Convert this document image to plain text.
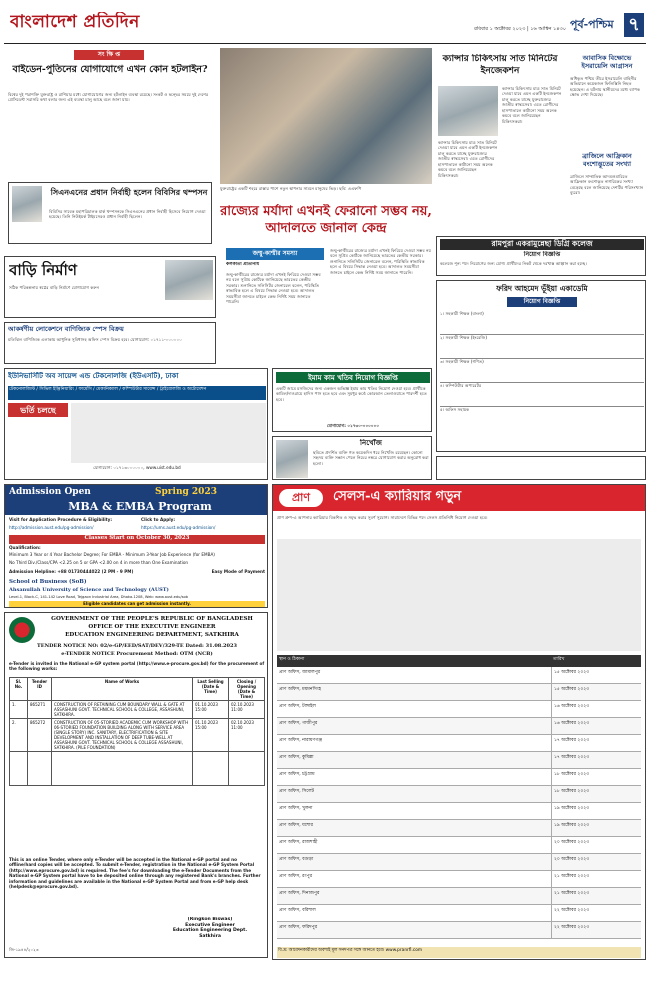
বাংলাদেশ প্রতিদিন	রবিবার ১ অক্টোবর ২০২৩ | ১৬ আশ্বিন ১৪৩০ পূর্ব-পশ্চিম ৭
সং ক্ষি প্ত
বাইডেন-পুতিনের যোগাযোগে এখন কোন হটলাইন?
বিশ্বের দুই পরাশক্তি যুক্তরাষ্ট্র ও রাশিয়ার মধ্যে যোগাযোগের জন্য হটলাইন ব্যবস্থা রয়েছে। সংকট ও দ্বন্দ্বের সময়ে দুই দেশের প্রেসিডেন্ট সরাসরি কথা বলার জন্য এই ব্যবস্থা চালু আছে বলে জানা যায়।
সিএনএনের প্রধান নির্বাহী হলেন বিবিসির থম্পসন
বিবিসির সাবেক মহাপরিচালক মার্ক থম্পসনকে সিএনএনের প্রধান নির্বাহী হিসেবে নিয়োগ দেওয়া হয়েছে। তিনি নিউইয়র্ক টাইমসেরও প্রধান নির্বাহী ছিলেন।
বাড়ি নির্মাণ
সঠিক পরিকল্পনায় স্বপ্নের বাড়ি নির্মাণে যোগাযোগ করুন
আকর্ষণীয় লোকেশনে বাণিজ্যিক স্পেস বিক্রয়
মতিঝিল বাণিজ্যিক এলাকায় আধুনিক সুবিধাসহ অফিস স্পেস বিক্রয় হবে। যোগাযোগ: ০১৭১১-০০০০০০
যুক্তরাষ্ট্রের একটি শহরে রাস্তার পাশে নতুন স্থাপনার সামনে মানুষের ভিড়। ছবি: এএফপি
রাজ্যের মর্যাদা এখনই ফেরানো সম্ভব নয়, আদালতে জানাল কেন্দ্র
জম্মু-কাশ্মীর সমস্যা
কলকাতা প্রতিনিধি
জম্মু-কাশ্মীরের রাজ্যের মর্যাদা এখনই ফিরিয়ে দেওয়া সম্ভব নয় বলে সুপ্রিম কোর্টকে জানিয়েছে ভারতের কেন্দ্রীয় সরকার। শুনানিতে সলিসিটর জেনারেল বলেন, পরিস্থিতি স্বাভাবিক হলে এ বিষয়ে সিদ্ধান্ত নেওয়া হবে। আদালত সময়সীমা জানতে চাইলে কেন্দ্র নির্দিষ্ট সময় জানাতে পারেনি।
জম্মু-কাশ্মীরের রাজ্যের মর্যাদা এখনই ফিরিয়ে দেওয়া সম্ভব নয় বলে সুপ্রিম কোর্টকে জানিয়েছে ভারতের কেন্দ্রীয় সরকার। শুনানিতে সলিসিটর জেনারেল বলেন, পরিস্থিতি স্বাভাবিক হলে এ বিষয়ে সিদ্ধান্ত নেওয়া হবে। আদালত সময়সীমা জানতে চাইলে কেন্দ্র নির্দিষ্ট সময় জানাতে পারেনি।
ক্যান্সার চিকিৎসায় সাত মিনিটের ইনজেকশন
ক্যান্সার চিকিৎসায় মাত্র সাত মিনিটে দেওয়া যাবে এমন একটি ইনজেকশন চালু করতে যাচ্ছে যুক্তরাজ্যের জাতীয় স্বাস্থ্যসেবা। এতে রোগীদের হাসপাতালে কাটানো সময় অনেক কমবে বলে জানিয়েছেন চিকিৎসকরা।
ক্যান্সার চিকিৎসায় মাত্র সাত মিনিটে দেওয়া যাবে এমন একটি ইনজেকশন চালু করতে যাচ্ছে যুক্তরাজ্যের জাতীয় স্বাস্থ্যসেবা। এতে রোগীদের হাসপাতালে কাটানো সময় অনেক কমবে বলে জানিয়েছেন চিকিৎসকরা।
আবাসিক বিক্ষোভে ইসরায়েলি আগ্রাসন
অধিকৃত পশ্চিম তীরে ইসরায়েলি বাহিনীর অভিযানে কয়েকজন ফিলিস্তিনি নিহত হয়েছেন। এ ঘটনায় স্থানীয়দের মধ্যে ব্যাপক ক্ষোভ দেখা দিয়েছে।
ব্রাজিলে আফ্রিকান বংশোদ্ভূতের সংখ্যা
ব্রাজিলে সাম্প্রতিক আদমশুমারিতে আফ্রিকান বংশোদ্ভূত নাগরিকের সংখ্যা বেড়েছে বলে জানিয়েছে দেশটির পরিসংখ্যান ব্যুরো।
রামপুরা একরামুন্নেছা ডিগ্রি কলেজ
নিয়োগ বিজ্ঞপ্তি
কলেজে শূন্য পদে নিয়োগের জন্য যোগ্য প্রার্থীদের নিকট থেকে দরখাস্ত আহ্বান করা হচ্ছে।
ফরিদ আহমেদ ভূঁইয়া একাডেমি
নিয়োগ বিজ্ঞপ্তি
১। সহকারী শিক্ষক (বাংলা)
২। সহকারী শিক্ষক (ইংরেজি)
৩। সহকারী শিক্ষক (গণিত)
৪। কম্পিউটার অপারেটর
৫। অফিস সহায়ক
ইউনিভার্সিটি অব সায়েন্স এন্ড টেকনোলজি (ইউএসটি), ঢাকা
টেকনোলজিস্ট / সিভিল ইঞ্জিনিয়ারিং / ফার্মেসি / মেকানিক্যাল / কম্পিউটার সায়েন্স / ট্রাইবোলজি ও অটোমেশন
ভর্তি চলছে
যোগাযোগ: ০১৭১৩০০০০০০, www.uist.edu.bd
ইমাম কাম খতিব নিয়োগ বিজ্ঞপ্তি
একটি জামে মসজিদের জন্য একজন অভিজ্ঞ ইমাম কাম খতিব নিয়োগ দেওয়া হবে। প্রার্থীকে কামিল/দাওরায়ে হাদিস পাস হতে হবে এবং সুমধুর কণ্ঠে কোরআন তেলাওয়াতে পারদর্শী হতে হবে।
যোগাযোগ: ০১৭৩০-০০০০০০
নিখোঁজ
ছবিতে প্রদর্শিত ব্যক্তি গত কয়েকদিন ধরে নিখোঁজ রয়েছেন। কোনো সহৃদয় ব্যক্তি সন্ধান পেলে নিচের নম্বরে যোগাযোগ করার অনুরোধ করা হলো।
প্রাণ	সেলস-এ ক্যারিয়ার গড়ুন
প্রাণ গ্রুপ-এ আপনার ক্যারিয়ার বিকশিত ও সমৃদ্ধ করার সুবর্ণ সুযোগ। সারাদেশে বিভিন্ন পদে সেলস প্রতিনিধি নিয়োগ দেওয়া হবে।
স্থান ও ঠিকানা	তারিখ
প্রাণ অফিস, জামালপুর	১৫ অক্টোবর ২০২৩
প্রাণ অফিস, ময়মনসিংহ	১৫ অক্টোবর ২০২৩
প্রাণ অফিস, টাঙ্গাইল	১৬ অক্টোবর ২০২৩
প্রাণ অফিস, গাজীপুর	১৬ অক্টোবর ২০২৩
প্রাণ অফিস, নারায়ণগঞ্জ	১৭ অক্টোবর ২০২৩
প্রাণ অফিস, কুমিল্লা	১৭ অক্টোবর ২০২৩
প্রাণ অফিস, চট্টগ্রাম	১৮ অক্টোবর ২০২৩
প্রাণ অফিস, সিলেট	১৮ অক্টোবর ২০২৩
প্রাণ অফিস, খুলনা	১৯ অক্টোবর ২০২৩
প্রাণ অফিস, যশোর	১৯ অক্টোবর ২০২৩
প্রাণ অফিস, রাজশাহী	২০ অক্টোবর ২০২৩
প্রাণ অফিস, বগুড়া	২০ অক্টোবর ২০২৩
প্রাণ অফিস, রংপুর	২১ অক্টোবর ২০২৩
প্রাণ অফিস, দিনাজপুর	২১ অক্টোবর ২০২৩
প্রাণ অফিস, বরিশাল	২২ অক্টোবর ২০২৩
প্রাণ অফিস, ফরিদপুর	২২ অক্টোবর ২০২৩
বি.দ্র: আবেদনকারীদের অবশ্যই মূল সনদপত্র সঙ্গে আনতে হবে। www.pranrfl.com
Admission Open	Spring 2023
MBA & EMBA Program
Visit for Application Procedure & Eligibility:
http://admission.aust.edu/pg-admission/
Click to Apply:
https://ums.aust.edu/pg-admission/
Classes Start on October 30, 2023
Qualification:
Minimum 3 Year or 4 Year Bachelor Degree; For EMBA - Minimum 3-Year Job Experience (for EMBA)
No Third Div./Class/CPA <2.25 on 5 or GPA <2.00 on 4 in more than One Examination
Admission Helpline: +88 01730444022 (2 PM - 9 PM)	Easy Mode of Payment
School of Business (SoB)
Ahsanullah University of Science and Technology (AUST)
Level-1, Block-C, 141-142 Love Road, Tejgaon Industrial Area, Dhaka-1208, Web: www.aust.edu/sob
Eligible candidates can get admission instantly.
GOVERNMENT OF THE PEOPLE'S REPUBLIC OF BANGLADESH
OFFICE OF THE EXECUTIVE ENGINEER
EDUCATION ENGINEERING DEPARTMENT, SATKHIRA
TENDER NOTICE NO: 02/e-GP/EED/SAT/DEV/329-TE Dated: 31.08.2023
e-TENDER NOTICE Procurement Method: OTM (NCB)
e-Tender is invited in the National e-GP system portal (http://www.e-procure.gov.bd) for the procurement of the following works:
Sl. No.	Tender ID	Name of Works	Last Selling (Date & Time)	Closing / Opening (Date & Time)
1.	865271	CONSTRUCTION OF RETAINING CUM BOUNDARY WALL & GATE AT ASSASHUNI GOVT. TECHNICAL SCHOOL & COLLEGE, ASSASHUNI, SATKHIRA.	01.10.2023 15:00	02.10.2023 11:00
2.	865272	CONSTRUCTION OF 05-STORIED ACADEMIC CUM WORKSHOP WITH 06-STORIED FOUNDATION BUILDING ALONG WITH SERVICE AREA (SINGLE STORY) INC. SANITARY, ELECTRIFICATION & SITE DEVELOPMENT AND INSTALLATION OF DEEP TUBE-WELL AT ASSASHUNI GOVT. TECHNICAL SCHOOL & COLLEGE ASSASHUNI, SATKHIRA. (PILE FOUNDATION)	01.10.2023 15:00	02.10.2023 11:00

This is an online Tender, where only e-Tender will be accepted in the National e-GP portal and no offline/hard copies will be accepted. To submit e-Tender, registration in the National e-GP System Portal (http://www.eprocure.gov.bd) is required. The fee's for downloading the e-Tender Documents from the National e-GP System portal have to be deposited online through any registered Bank's branches. Further information and guidelines are available in the National e-GP System Portal and from e-GP help desk (helpdesk@eprocure.gov.bd).
(Ringkon Biswas)
Executive Engineer
Education Engineering Dept.
Satkhira
জি-১৯৪৪/২০২৩
